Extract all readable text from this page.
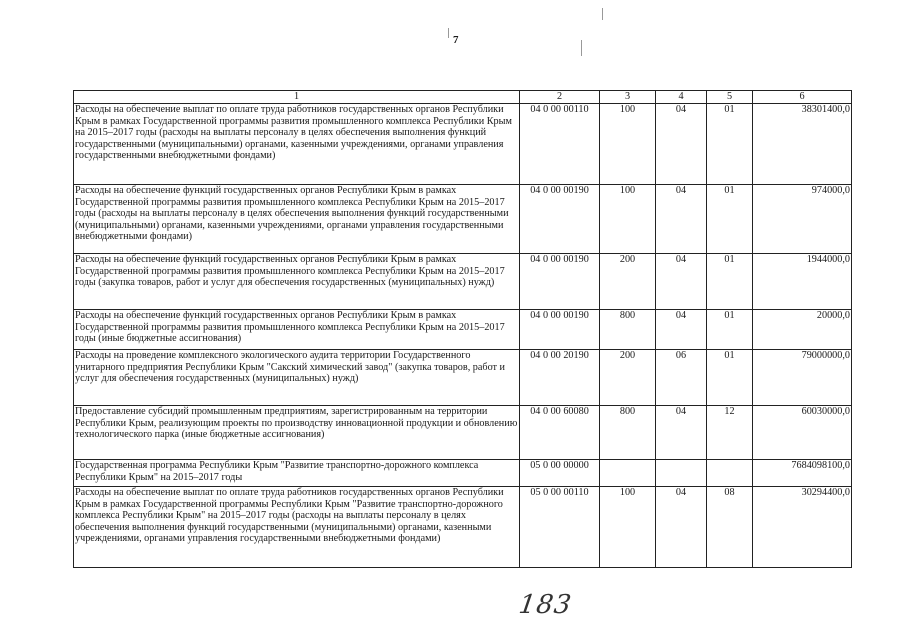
7
1	2	3	4	5	6
Расходы на обеспечение выплат по оплате труда работников государственных органов Республики Крым в рамках Государственной программы развития промышленного комплекса Республики Крым на 2015–2017 годы (расходы на выплаты персоналу в целях обеспечения выполнения функций государственными (муниципальными) органами, казенными учреждениями, органами управления государственными внебюджетными фондами)	04 0 00 00110	100	04	01	38301400,0
Расходы на обеспечение функций государственных органов Республики Крым в рамках Государственной программы развития промышленного комплекса Республики Крым на 2015–2017 годы (расходы на выплаты персоналу в целях обеспечения выполнения функций государственными (муниципальными) органами, казенными учреждениями, органами управления государственными внебюджетными фондами)	04 0 00 00190	100	04	01	974000,0
Расходы на обеспечение функций государственных органов Республики Крым в рамках Государственной программы развития промышленного комплекса Республики Крым на 2015–2017 годы (закупка товаров, работ и услуг для обеспечения государственных (муниципальных) нужд)	04 0 00 00190	200	04	01	1944000,0
Расходы на обеспечение функций государственных органов Республики Крым в рамках Государственной программы развития промышленного комплекса Республики Крым на 2015–2017 годы (иные бюджетные ассигнования)	04 0 00 00190	800	04	01	20000,0
Расходы на проведение комплексного экологического аудита территории Государственного унитарного предприятия Республики Крым "Сакский химический завод" (закупка товаров, работ и услуг для обеспечения государственных (муниципальных) нужд)	04 0 00 20190	200	06	01	79000000,0
Предоставление субсидий промышленным предприятиям, зарегистрированным на территории Республики Крым, реализующим проекты по производству инновационной продукции и обновлению технологического парка (иные бюджетные ассигнования)	04 0 00 60080	800	04	12	60030000,0
Государственная программа Республики Крым "Развитие транспортно-дорожного комплекса Республики Крым" на 2015–2017 годы	05 0 00 00000				7684098100,0
Расходы на обеспечение выплат по оплате труда работников государственных органов Республики Крым в рамках Государственной программы Республики Крым "Развитие транспортно-дорожного комплекса Республики Крым" на 2015–2017 годы (расходы на выплаты персоналу в целях обеспечения выполнения функций государственными (муниципальными) органами, казенными учреждениями, органами управления государственными внебюджетными фондами)	05 0 00 00110	100	04	08	30294400,0
183
